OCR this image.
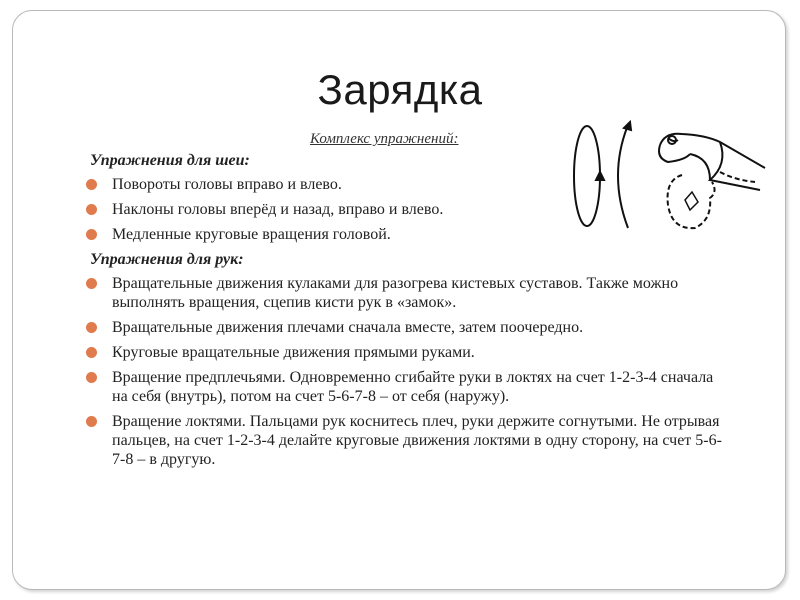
Зарядка
Комплекс упражнений:
Упражнения для шеи:
Повороты головы вправо и влево.
Наклоны головы вперёд и назад, вправо и влево.
Медленные круговые вращения головой.
Упражнения для рук:
Вращательные движения кулаками для разогрева кистевых суставов. Также можно выполнять вращения, сцепив кисти рук в «замок».
Вращательные движения плечами сначала вместе, затем поочередно.
Круговые вращательные движения прямыми руками.
Вращение предплечьями. Одновременно сгибайте руки в локтях на счет 1-2-3-4 сначала на себя (внутрь), потом на счет 5-6-7-8 – от себя (наружу).
Вращение локтями. Пальцами рук коснитесь плеч, руки держите согнутыми. Не отрывая пальцев, на счет 1-2-3-4 делайте круговые движения локтями в одну сторону, на счет 5-6-7-8 – в другую.
